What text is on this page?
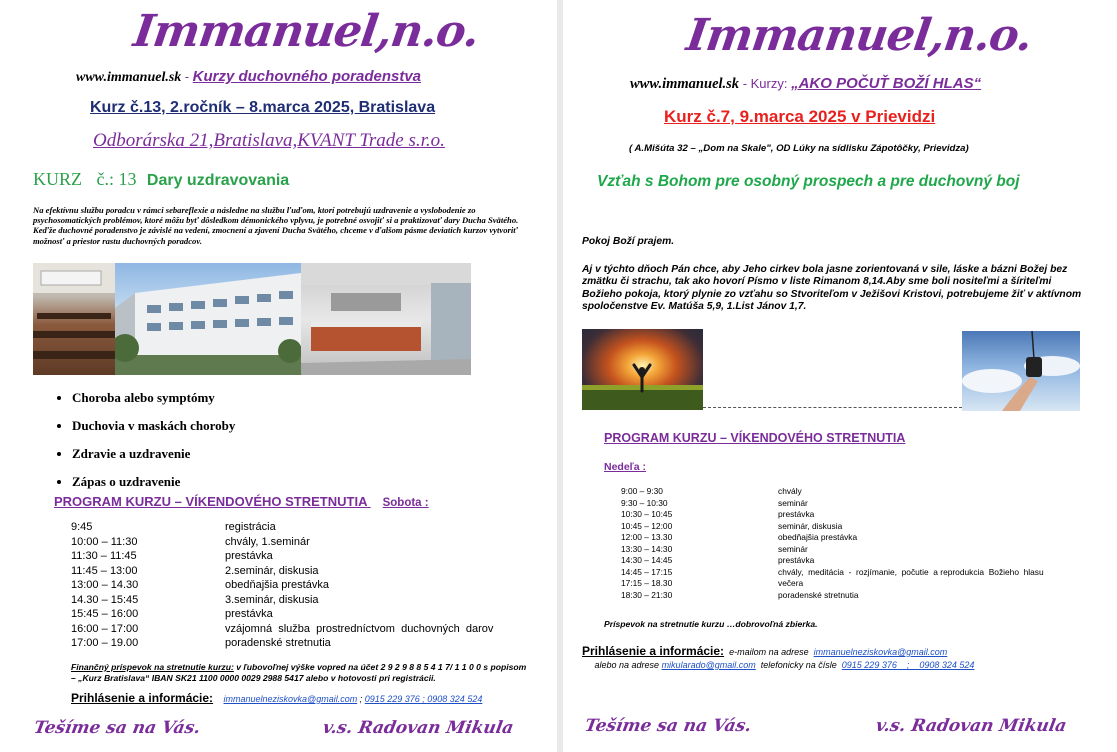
Immanuel,n.o.
www.immanuel.sk - Kurzy duchovného poradenstva
Kurz č.13, 2.ročník – 8.marca 2025, Bratislava
Odborárska 21,Bratislava,KVANT Trade s.r.o.
KURZ č.: 13 Dary uzdravovania
Na efektívnu službu poradcu v rámci sebareflexie a následne na službu ľuďom, ktorí potrebujú uzdravenie a vyslobodenie zo psychosomatických problémov, ktoré môžu byť dôsledkom démonického vplyvu, je potrebné osvojiť si a praktizovať dary Ducha Svätého. Keďže duchovné poradenstvo je závislé na vedení, zmocnení a zjavení Ducha Svätého, chceme v ďalšom pásme deviatich kurzov vytvoriť možnosť a priestor rastu duchovných poradcov.
• Choroba alebo symptómy
• Duchovia v maskách choroby
• Zdravie a uzdravenie
• Zápas o uzdravenie
PROGRAM KURZU – VÍKENDOVÉHO STRETNUTIA Sobota :
9:45	registrácia
10:00 – 11:30	chvály, 1.seminár
11:30 – 11:45	prestávka
11:45 – 13:00	2.seminár, diskusia
13:00 – 14.30	obedňajšia prestávka
14.30 – 15:45	3.seminár, diskusia
15:45 – 16:00	prestávka
16:00 – 17:00	vzájomná  služba  prostredníctvom  duchovných  darov
17:00 – 19.00	poradenské stretnutia
Finančný príspevok na stretnutie kurzu: v ľubovoľnej výške vopred na účet 2 9 2 9 8 8 5 4 1 7/ 1 1 0 0 s popisom – „Kurz Bratislava“ IBAN SK21 1100 0000 0029 2988 5417 alebo v hotovosti pri registrácii.
Prihlásenie a informácie: immanuelneziskovka@gmail.com ; 0915 229 376 ; 0908 324 524
Tešíme sa na Vás.	v.s. Radovan Mikula
Immanuel,n.o.
www.immanuel.sk - Kurzy: „AKO POČUŤ BOŽÍ HLAS“
Kurz č.7, 9.marca 2025 v Prievidzi
( A.Mišúta 32 – „Dom na Skale", OD Lúky na sídlisku Zápotôčky, Prievidza)
Vzťah s Bohom pre osobný prospech a pre duchovný boj
Pokoj Boží prajem.
Aj v týchto dňoch Pán chce, aby Jeho cirkev bola jasne zorientovaná v sile, láske a bázni Božej bez zmätku či strachu, tak ako hovorí Písmo v liste Rimanom 8,14.Aby sme boli nositeľmi a šíriteľmi Božieho pokoja, ktorý plynie zo vzťahu so Stvoriteľom v Ježišovi Kristovi, potrebujeme žiť v aktívnom spoločenstve Ev. Matúša 5,9, 1.List Jánov 1,7.
PROGRAM KURZU – VÍKENDOVÉHO STRETNUTIA
Nedeľa :
9:00 – 9:30	chvály
9:30 – 10:30	seminár
10:30 – 10:45	prestávka
10:45 – 12:00	seminár, diskusia
12:00 – 13.30	obedňajšia prestávka
13:30 – 14:30	seminár
14:30 – 14:45	prestávka
14:45 – 17:15	chvály,  meditácia  -  rozjímanie,  počutie  a reprodukcia  Božieho  hlasu
17:15 – 18.30	večera
18:30 – 21:30	poradenské stretnutia
Príspevok na stretnutie kurzu …dobrovoľná zbierka.
Prihlásenie a informácie:  e-mailom na adrese  immanuelneziskovka@gmail.com     alebo na adrese mikularado@gmail.com  telefonicky na čísle  0915 229 376    ;    0908 324 524
Tešíme sa na Vás.	v.s. Radovan Mikula
